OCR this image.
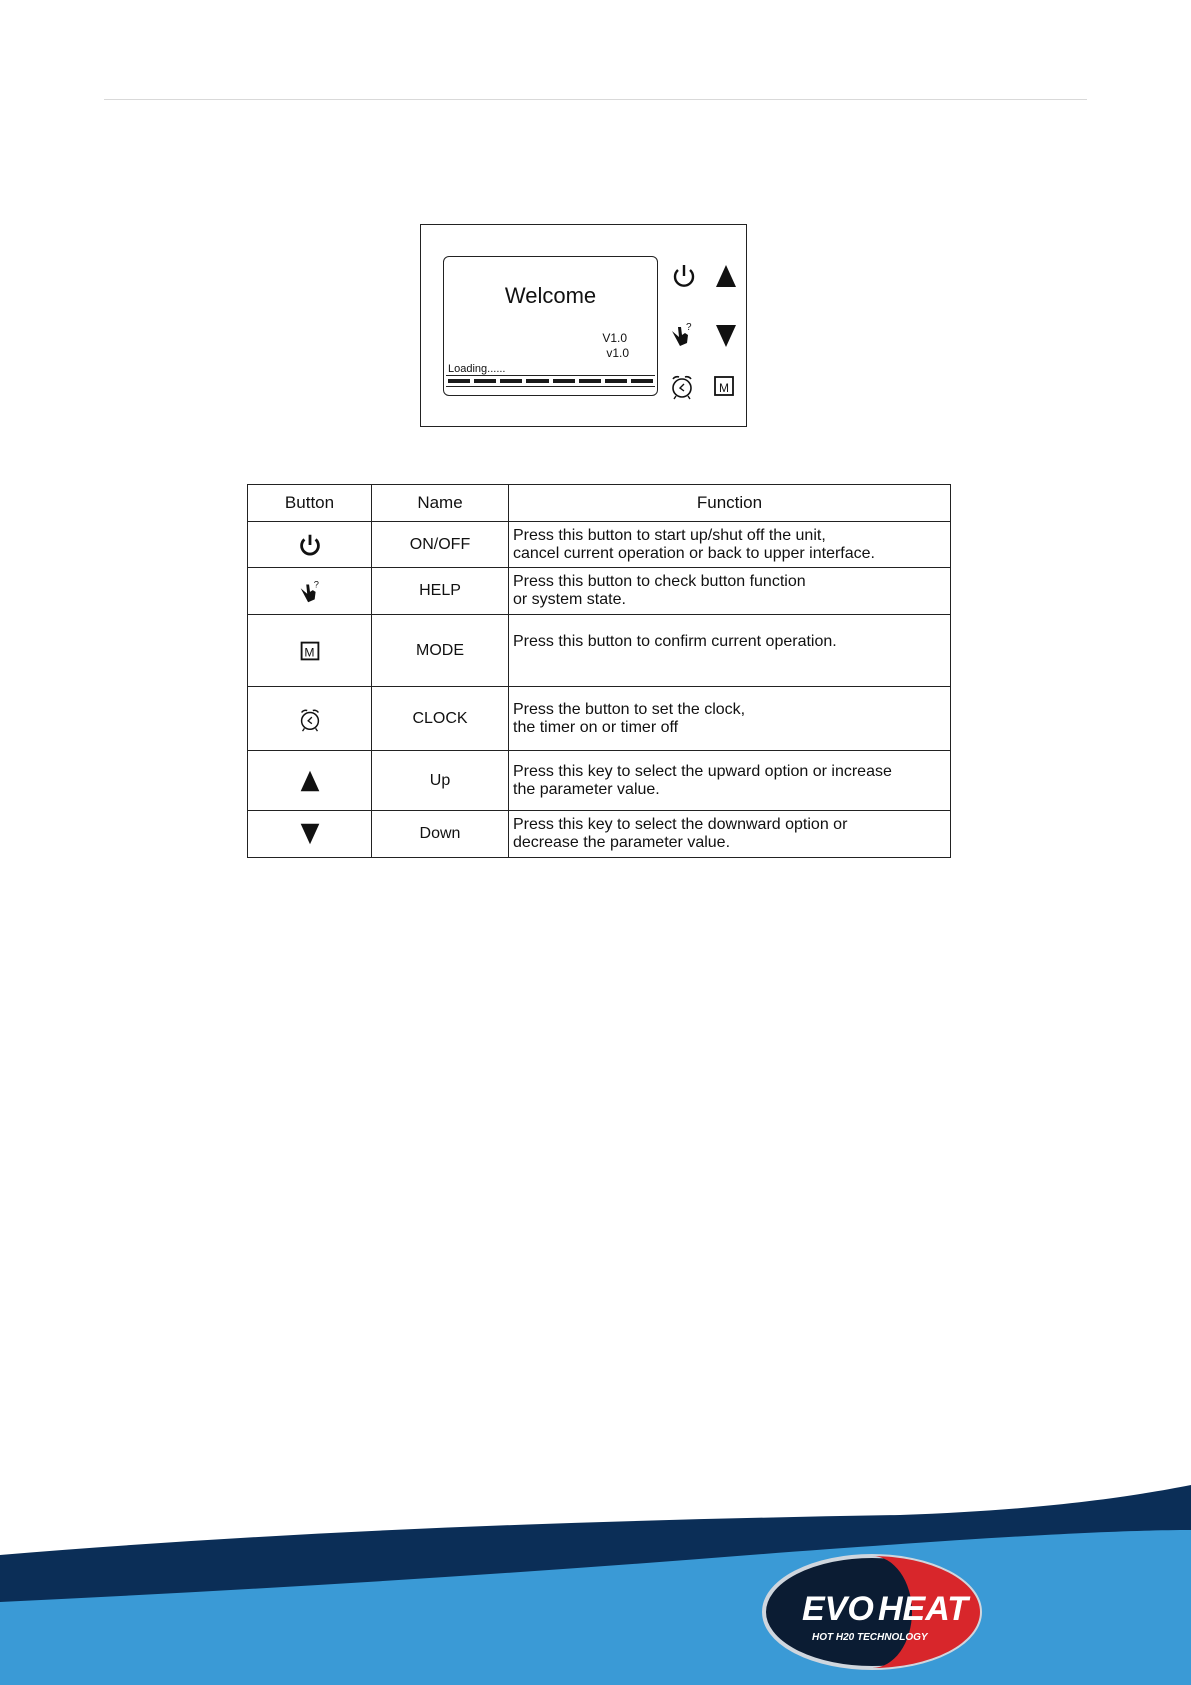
Welcome
V1.0
v1.0
Loading......
?
M
Button	Name	Function
	ON/OFF	Press this button to start up/shut off the unit,
cancel current operation or back to upper interface.

?	HELP	Press this button to check button function
or system state.

M	MODE	Press this button to confirm current operation.

	CLOCK	Press the button to set the clock,
the timer on or timer off

	Up	Press this key to select the upward option or increase
the parameter value.

	Down	Press this key to select the downward option or
decrease the parameter value.
EVO HEAT
HOT H20 TECHNOLOGY
